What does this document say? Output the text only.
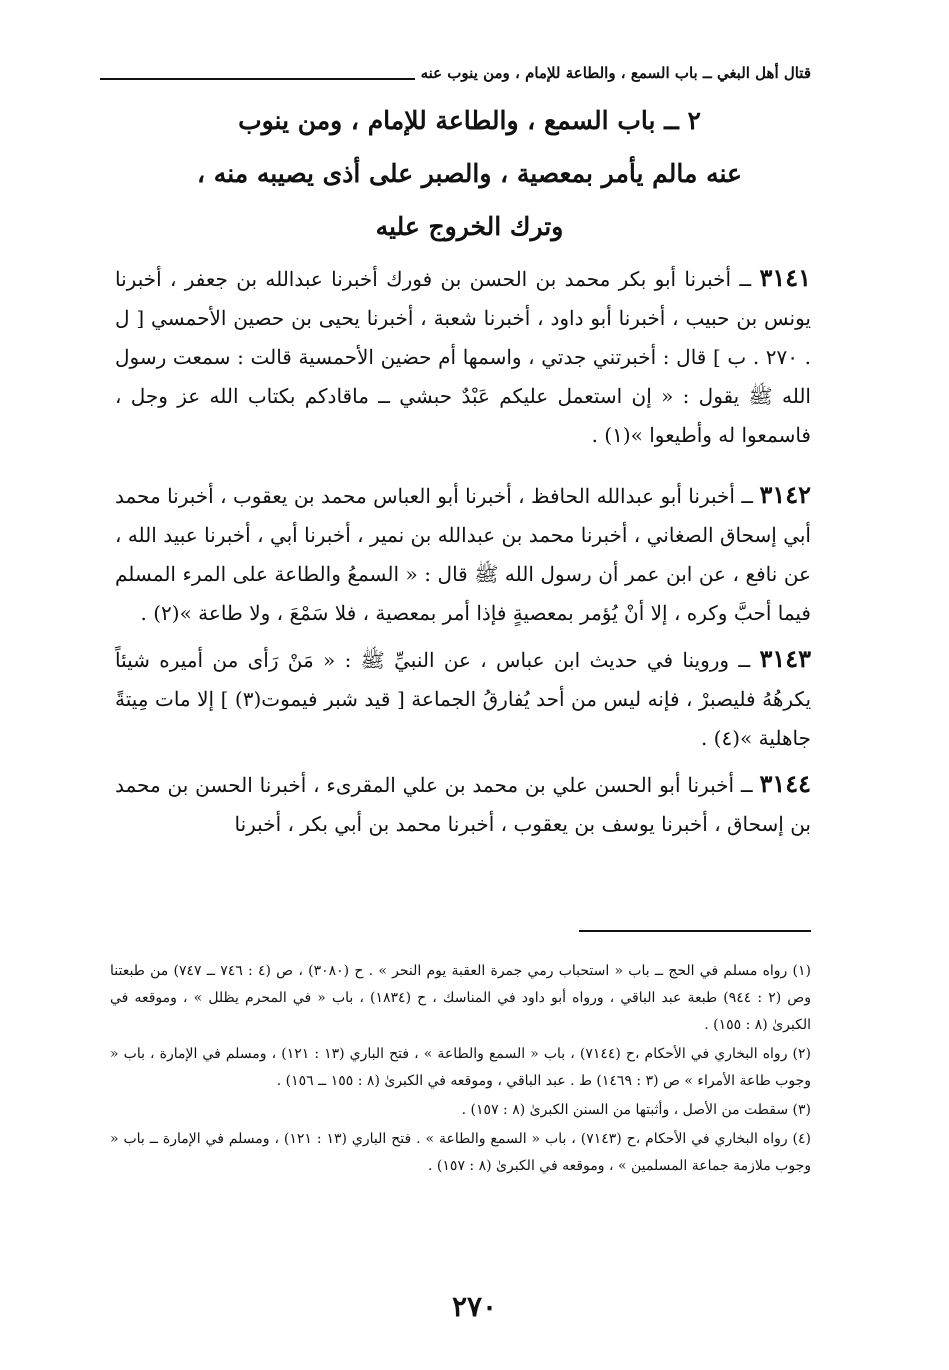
قتال أهل البغي ــ باب السمع ، والطاعة للإمام ، ومن ينوب عنه
٢ ــ باب السمع ، والطاعة للإمام ، ومن ينوب
عنه مالم يأمر بمعصية ، والصبر على أذى يصيبه منه ،
وترك الخروج عليه

٣١٤١ ــ أخبرنا أبو بكر محمد بن الحسن بن فورك أخبرنا عبدالله بن جعفر ، أخبرنا يونس بن حبيب ، أخبرنا أبو داود ، أخبرنا شعبة ، أخبرنا يحيى بن حصين الأحمسي [ ل . ٢٧٠ . ب ] قال : أخبرتني جدتي ، واسمها أم حضين الأحمسية قالت : سمعت رسول الله ﷺ يقول : « إن استعمل عليكم عَبْدٌ حبشي ــ ماقادكم بكتاب الله عز وجل ، فاسمعوا له وأطيعوا »(١) .

٣١٤٢ ــ أخبرنا أبو عبدالله الحافظ ، أخبرنا أبو العباس محمد بن يعقوب ، أخبرنا محمد أبي إسحاق الصغاني ، أخبرنا محمد بن عبدالله بن نمير ، أخبرنا أبي ، أخبرنا عبيد الله ، عن نافع ، عن ابن عمر أن رسول الله ﷺ قال : « السمعُ والطاعة على المرء المسلم فيما أحبَّ وكره ، إلا أنْ يُؤمر بمعصيةٍ فإذا أمر بمعصية ، فلا سَمْعَ ، ولا طاعة »(٢) .

٣١٤٣ ــ وروينا في حديث ابن عباس ، عن النبيِّ ﷺ : « مَنْ رَأى من أميره شيئاً يكرهُهُ فليصبرْ ، فإنه ليس من أحد يُفارقُ الجماعة [ قيد شبر فيموت(٣) ] إلا مات مِيتةً جاهلية »(٤) .

٣١٤٤ ــ أخبرنا أبو الحسن علي بن محمد بن علي المقرىء ، أخبرنا الحسن بن محمد بن إسحاق ، أخبرنا يوسف بن يعقوب ، أخبرنا محمد بن أبي بكر ، أخبرنا

(١) رواه مسلم في الحج ــ باب « استحباب رمي جمرة العقبة يوم النحر » . ح (٣٠٨٠) ، ص (٤ : ٧٤٦ ــ ٧٤٧) من طبعتنا وص (٢ : ٩٤٤) طبعة عبد الباقي ، ورواه أبو داود في المناسك ، ح (١٨٣٤) ، باب « في المحرم يظلل » ، وموقعه في الكبرىٰ (٨ : ١٥٥) .

(٢) رواه البخاري في الأحكام ،ح (٧١٤٤) ، باب « السمع والطاعة » ، فتح الباري (١٣ : ١٢١) ، ومسلم في الإمارة ، باب « وجوب طاعة الأمراء » ص (٣ : ١٤٦٩) ط . عبد الباقي ، وموقعه في الكبرىٰ (٨ : ١٥٥ ــ ١٥٦) .

(٣) سقطت من الأصل ، وأثبتها من السنن الكبرىٰ (٨ : ١٥٧) .

(٤) رواه البخاري في الأحكام ،ح (٧١٤٣) ، باب « السمع والطاعة » . فتح الباري (١٣ : ١٢١) ، ومسلم في الإمارة ــ باب « وجوب ملازمة جماعة المسلمين » ، وموقعه في الكبرىٰ (٨ : ١٥٧) .

٢٧٠
